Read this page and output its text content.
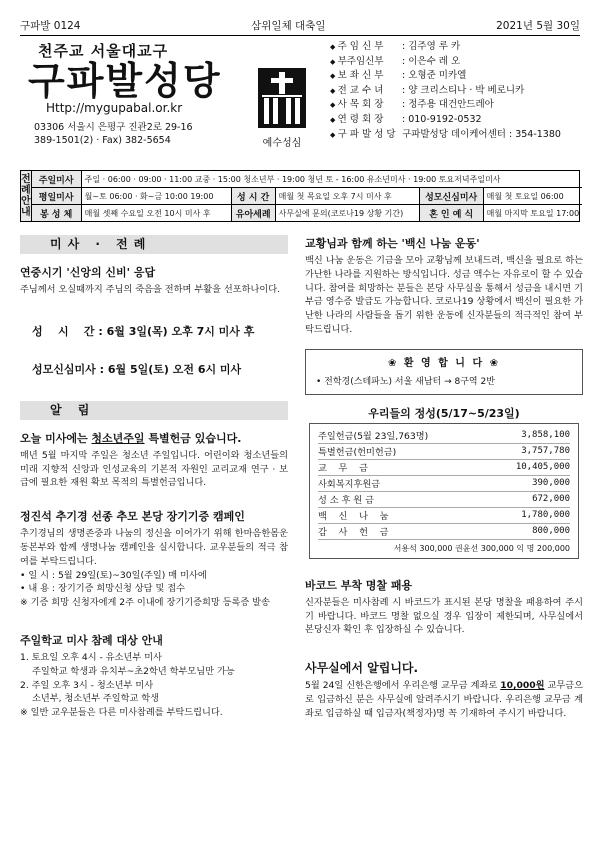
구파발 0124	삼위일체 대축일	2021년 5월 30일
천주교 서울대교구
구파발성당
Http://mygupabal.or.kr
03306 서울시 은평구 진관2로 29-16
389-1501(2) · Fax) 382-5654	예수성심
◆ 주 임 신 부	: 김주영 루 카
◆ 부주임신부	: 이은수 레 오
◆ 보 좌 신 부	: 오형준 미카엘
◆ 전 교 수 녀	: 양 크리스티나 · 박 베로니카
◆ 사 목 회 장	: 정주용 대건안드레아
◆ 연 령 회 장	: 010-9192-0532
◆ 구 파 발 성 당 구파발성당 데이케어센터 : 354-1380
전
례
안
내
주일미사	주일 · 06:00 · 09:00 · 11:00 교중 · 15:00 청소년부 · 19:00 청년 토 - 16:00 유소년미사 · 19:00 토요저녁주일미사
평일미사	월~토 06:00 · 화~금 10:00 19:00	성 시 간	매월 첫 목요일 오후 7시 미사 후	성모신심미사	매월 첫 토요일 06:00
봉 성 체	매월 셋째 수요일 오전 10시 미사 후	유아세례	사무실에 문의(코로나19 상황 기간)	혼 인 예 식	매월 마지막 토요일 17:00
미사 · 전례
연중시기 '신앙의 신비' 응답
주님께서 오실때까지 주님의 죽음을 전하며 부활을 선포하나이다.
성    시    간 : 6월 3일(목) 오후 7시 미사 후
성모신심미사 : 6월 5일(토) 오전 6시 미사
알 림
오늘 미사에는 청소년주일 특별헌금 있습니다.
매년 5월 마지막 주일은 청소년 주일입니다. 어린이와 청소년들의 미래 지향적 신앙과 인성교육의 기본적 자원인 교리교재 연구 · 보급에 필요한 재원 확보 목적의 특별헌금입니다.
정진석 추기경 선종 추모 본당 장기기증 캠페인
추기경님의 생명존중과 나눔의 정신을 이어가기 위해 한마음한몸운동본부와 함께 생명나눔 캠페인을 실시합니다. 교우분들의 적극 참여를 부탁드립니다.
• 일 시 : 5월 29일(토)~30일(주일) 매 미사에
• 내 용 : 장기기증 희망신청 상담 및 접수
※ 기증 희망 신청자에게 2주 이내에 장기기증희망 등록증 발송
주일학교 미사 참례 대상 안내
1. 토요일 오후 4시 - 유소년부 미사
주일학교 학생과 유치부~초2학년 학부모님만 가능
2. 주일 오후 3시 - 청소년부 미사
소년부, 청소년부 주일학교 학생
※ 일반 교우분들은 다른 미사참례를 부탁드립니다.
교황님과 함께 하는 '백신 나눔 운동'
백신 나눔 운동은 기금을 모아 교황님께 보내드려, 백신을 필요로 하는 가난한 나라를 지원하는 방식입니다. 성금 액수는 자유로이 할 수 있습니다. 참여를 희망하는 분들은 본당 사무실을 통해서 성금을 내시면 기부금 영수증 발급도 가능합니다. 코로나19 상황에서 백신이 필요한 가난한 나라의 사람들을 돕기 위한 운동에 신자분들의 적극적인 참여 부탁드립니다.
❀ 환 영 합 니 다 ❀
• 전학경(스테파노) 서울 새남터 → 8구역 2반
우리들의 정성(5/17~5/23일)
주일헌금(5월 23일,763명)	3,858,100
특별헌금(헌미헌금)	3,757,780
교    무    금	10,405,000
사회복지후원금	390,000
성 소 후 원 금	672,000
백    신    나    눔	1,780,000
감    사    헌    금	800,000
서용석 300,000 권윤선 300,000 익 명 200,000
바코드 부착 명찰 패용
신자분들은 미사참례 시 바코드가 표시된 본당 명찰을 패용하여 주시기 바랍니다. 바코드 명찰 없으실 경우 입장이 제한되며, 사무실에서 본당신자 확인 후 입장하실 수 있습니다.
사무실에서 알립니다.
5월 24일 신한은행에서 우리은행 교무금 계좌로 10,000원 교무금으로 입금하신 분은 사무실에 알려주시기 바랍니다. 우리은행 교무금 계좌로 입금하실 때 입금자(책정자)명 꼭 기재하여 주시기 바랍니다.
